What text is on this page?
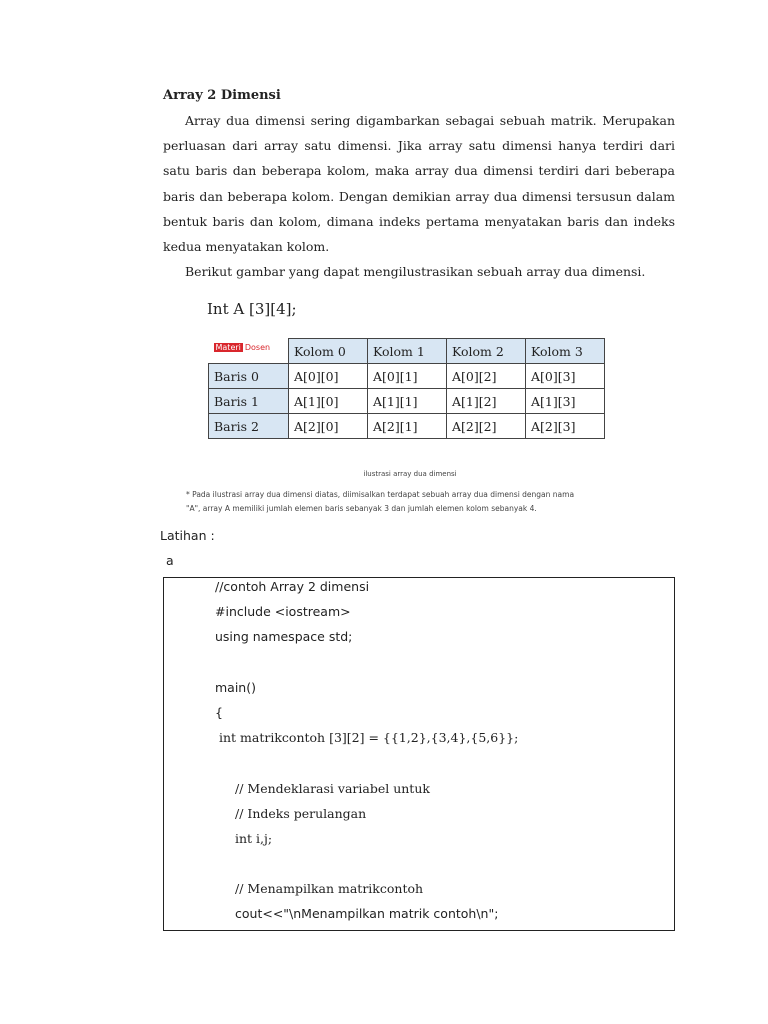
Array 2 Dimensi

Array dua dimensi sering digambarkan sebagai sebuah matrik. Merupakan perluasan dari array satu dimensi. Jika array satu dimensi hanya terdiri dari satu baris dan beberapa kolom, maka array dua dimensi terdiri dari beberapa baris dan beberapa kolom. Dengan demikian array dua dimensi tersusun dalam bentuk baris dan kolom, dimana indeks pertama menyatakan baris dan indeks kedua menyatakan kolom.

Berikut gambar yang dapat mengilustrasikan sebuah array dua dimensi.

Int A [3][4];
Materi Dosen	Kolom 0	Kolom 1	Kolom 2	Kolom 3
Baris 0	A[0][0]	A[0][1]	A[0][2]	A[0][3]
Baris 1	A[1][0]	A[1][1]	A[1][2]	A[1][3]
Baris 2	A[2][0]	A[2][1]	A[2][2]	A[2][3]
ilustrasi array dua dimensi
* Pada ilustrasi array dua dimensi diatas, diimisalkan terdapat sebuah array dua dimensi dengan nama
"A", array A memiliki jumlah elemen baris sebanyak 3 dan jumlah elemen kolom sebanyak 4.
Latihan :
a
//contoh Array 2 dimensi
#include <iostream>
using namespace std;
main()
{
int matrikcontoh [3][2] = {{1,2},{3,4},{5,6}};
// Mendeklarasi variabel untuk
// Indeks perulangan
int i,j;
// Menampilkan matrikcontoh
cout<<"\nMenampilkan matrik contoh\n";
